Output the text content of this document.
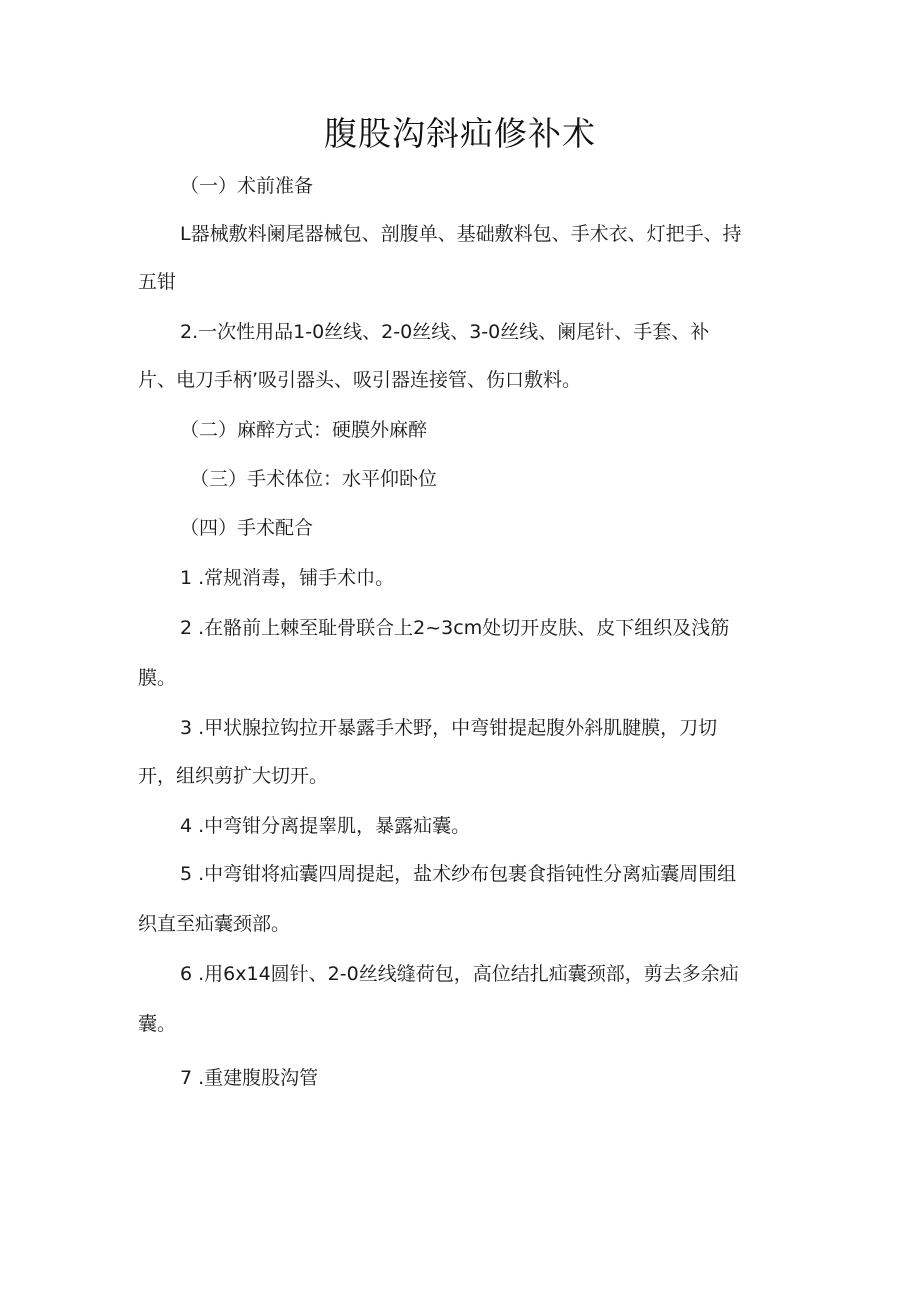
腹股沟斜疝修补术

（一）术前准备

L器械敷料阑尾器械包、剖腹单、基础敷料包、手术衣、灯把手、持

五钳

2.一次性用品1-0丝线、2-0丝线、3-0丝线、阑尾针、手套、补

片、电刀手柄’吸引器头、吸引器连接管、伤口敷料。

（二）麻醉方式：硬膜外麻醉

（三）手术体位：水平仰卧位

（四）手术配合

1 .常规消毒，铺手术巾。

2 .在骼前上棘至耻骨联合上2~3cm处切开皮肤、皮下组织及浅筋

膜。

3 .甲状腺拉钩拉开暴露手术野，中弯钳提起腹外斜肌腱膜，刀切

开，组织剪扩大切开。

4 .中弯钳分离提睾肌，暴露疝囊。

5 .中弯钳将疝囊四周提起，盐术纱布包裹食指钝性分离疝囊周围组

织直至疝囊颈部。

6 .用6x14圆针、2-0丝线缝荷包，高位结扎疝囊颈部，剪去多余疝

囊。

7 .重建腹股沟管
